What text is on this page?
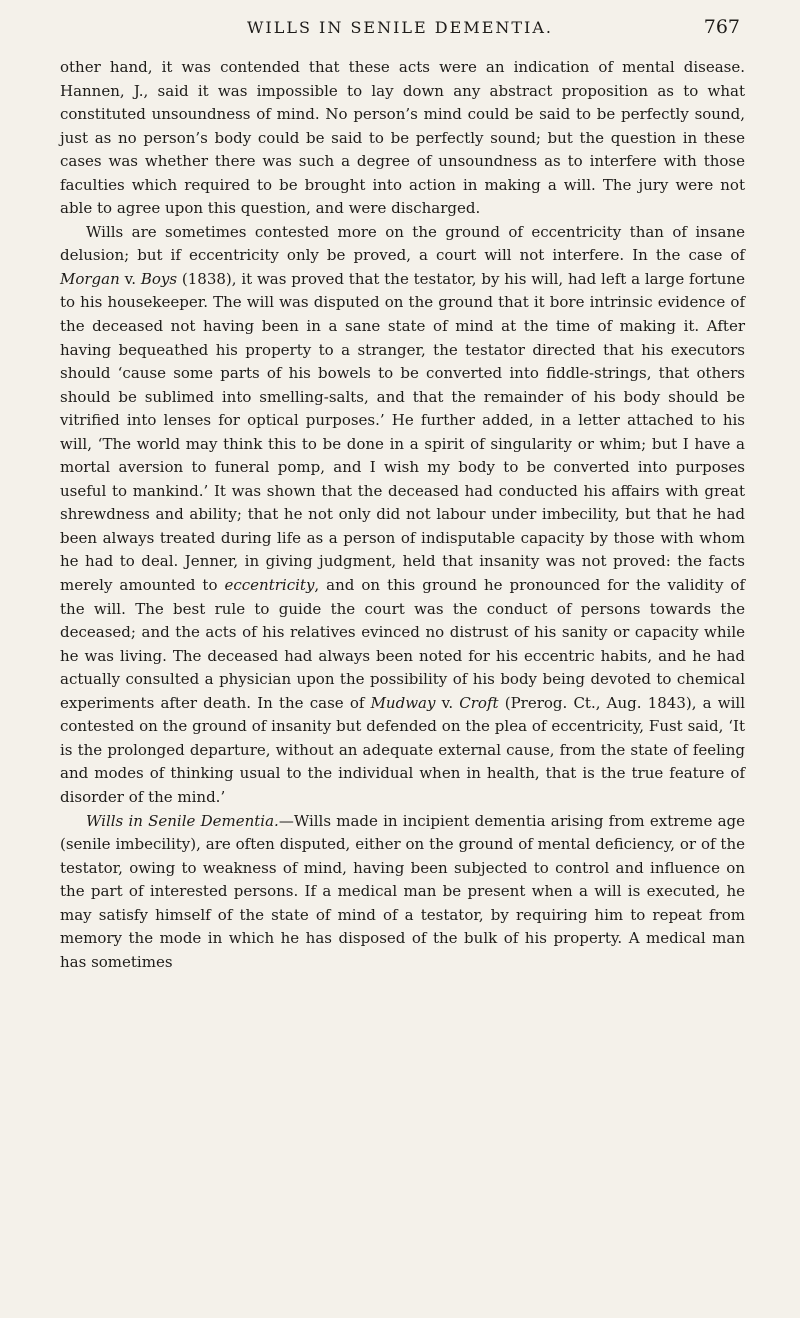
WILLS IN SENILE DEMENTIA.	767

other hand, it was contended that these acts were an indication of mental disease. Hannen, J., said it was impossible to lay down any abstract proposition as to what constituted unsoundness of mind. No person’s mind could be said to be perfectly sound, just as no person’s body could be said to be perfectly sound; but the question in these cases was whether there was such a degree of unsoundness as to interfere with those faculties which required to be brought into action in making a will. The jury were not able to agree upon this question, and were discharged.

Wills are sometimes contested more on the ground of eccentricity than of insane delusion; but if eccentricity only be proved, a court will not interfere. In the case of Morgan v. Boys (1838), it was proved that the testator, by his will, had left a large fortune to his housekeeper. The will was disputed on the ground that it bore intrinsic evidence of the deceased not having been in a sane state of mind at the time of making it. After having bequeathed his property to a stranger, the testator directed that his executors should ‘cause some parts of his bowels to be converted into fiddle-strings, that others should be sublimed into smelling-salts, and that the remainder of his body should be vitrified into lenses for optical purposes.’ He further added, in a letter attached to his will, ‘The world may think this to be done in a spirit of singularity or whim; but I have a mortal aversion to funeral pomp, and I wish my body to be converted into purposes useful to mankind.’ It was shown that the deceased had conducted his affairs with great shrewdness and ability; that he not only did not labour under imbecility, but that he had been always treated during life as a person of indisputable capacity by those with whom he had to deal. Jenner, in giving judgment, held that insanity was not proved: the facts merely amounted to eccentricity, and on this ground he pronounced for the validity of the will. The best rule to guide the court was the conduct of persons towards the deceased; and the acts of his relatives evinced no distrust of his sanity or capacity while he was living. The deceased had always been noted for his eccentric habits, and he had actually consulted a physician upon the possibility of his body being devoted to chemical experiments after death. In the case of Mudway v. Croft (Prerog. Ct., Aug. 1843), a will contested on the ground of insanity but defended on the plea of eccentricity, Fust said, ‘It is the prolonged departure, without an adequate external cause, from the state of feeling and modes of thinking usual to the individual when in health, that is the true feature of disorder of the mind.’

Wills in Senile Dementia.—Wills made in incipient dementia arising from extreme age (senile imbecility), are often disputed, either on the ground of mental deficiency, or of the testator, owing to weakness of mind, having been subjected to control and influence on the part of interested persons. If a medical man be present when a will is executed, he may satisfy himself of the state of mind of a testator, by requiring him to repeat from memory the mode in which he has disposed of the bulk of his property. A medical man has sometimes
